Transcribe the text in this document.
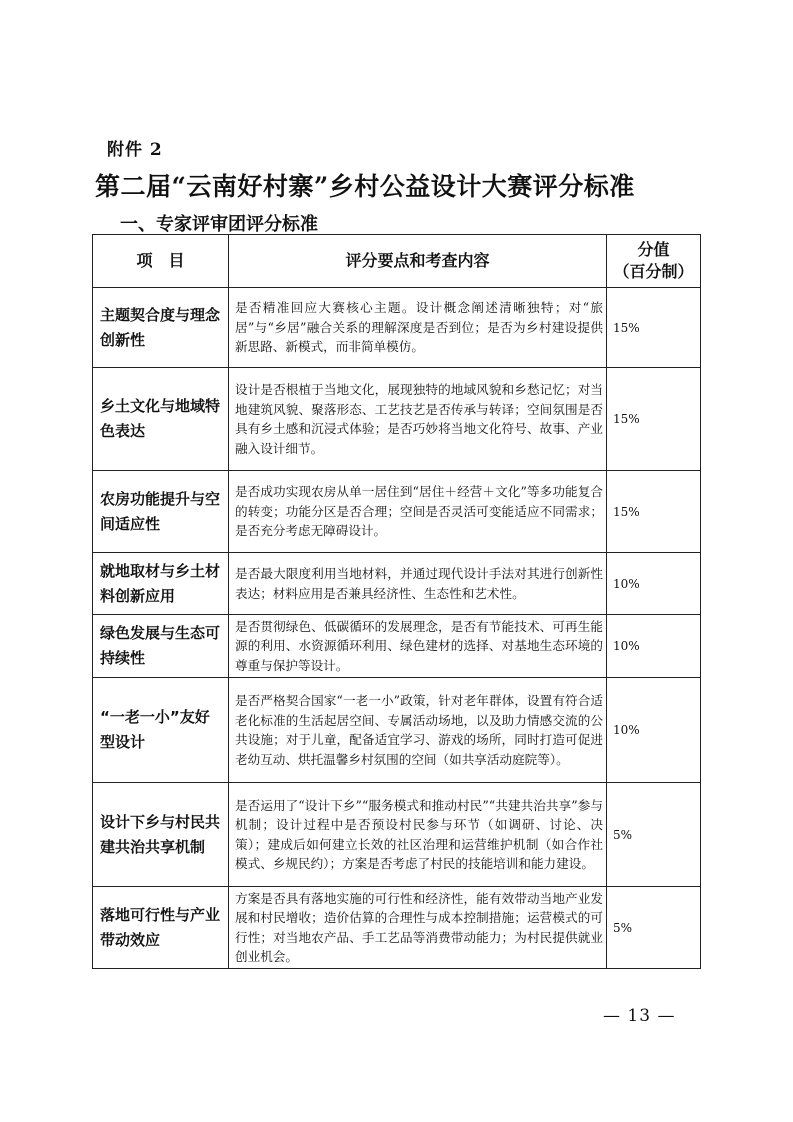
附件 2
第二届“云南好村寨”乡村公益设计大赛评分标准
一、专家评审团评分标准
项　目	评分要点和考查内容	分值
（百分制）

主题契合度与理念创新性	是否精准回应大赛核心主题。设计概念阐述清晰独特；对“旅居”与“乡居”融合关系的理解深度是否到位；是否为乡村建设提供新思路、新模式，而非简单模仿。	15%
乡土文化与地域特色表达	设计是否根植于当地文化，展现独特的地域风貌和乡愁记忆；对当地建筑风貌、聚落形态、工艺技艺是否传承与转译；空间氛围是否具有乡土感和沉浸式体验；是否巧妙将当地文化符号、故事、产业融入设计细节。	15%
农房功能提升与空间适应性	是否成功实现农房从单一居住到“居住＋经营＋文化”等多功能复合的转变；功能分区是否合理；空间是否灵活可变能适应不同需求；是否充分考虑无障碍设计。	15%
就地取材与乡土材料创新应用	是否最大限度利用当地材料，并通过现代设计手法对其进行创新性表达；材料应用是否兼具经济性、生态性和艺术性。	10%
绿色发展与生态可持续性	是否贯彻绿色、低碳循环的发展理念，是否有节能技术、可再生能源的利用、水资源循环利用、绿色建材的选择、对基地生态环境的尊重与保护等设计。	10%
“一老一小”友好型设计	是否严格契合国家“一老一小”政策，针对老年群体，设置有符合适老化标准的生活起居空间、专属活动场地，以及助力情感交流的公共设施；对于儿童，配备适宜学习、游戏的场所，同时打造可促进老幼互动、烘托温馨乡村氛围的空间（如共享活动庭院等）。	10%
设计下乡与村民共建共治共享机制	是否运用了“设计下乡”“服务模式和推动村民”“共建共治共享”参与机制；设计过程中是否预设村民参与环节（如调研、讨论、决策）；建成后如何建立长效的社区治理和运营维护机制（如合作社模式、乡规民约）；方案是否考虑了村民的技能培训和能力建设。	5%
落地可行性与产业带动效应	方案是否具有落地实施的可行性和经济性，能有效带动当地产业发展和村民增收；造价估算的合理性与成本控制措施；运营模式的可行性；对当地农产品、手工艺品等消费带动能力；为村民提供就业创业机会。	5%
— 13 —
